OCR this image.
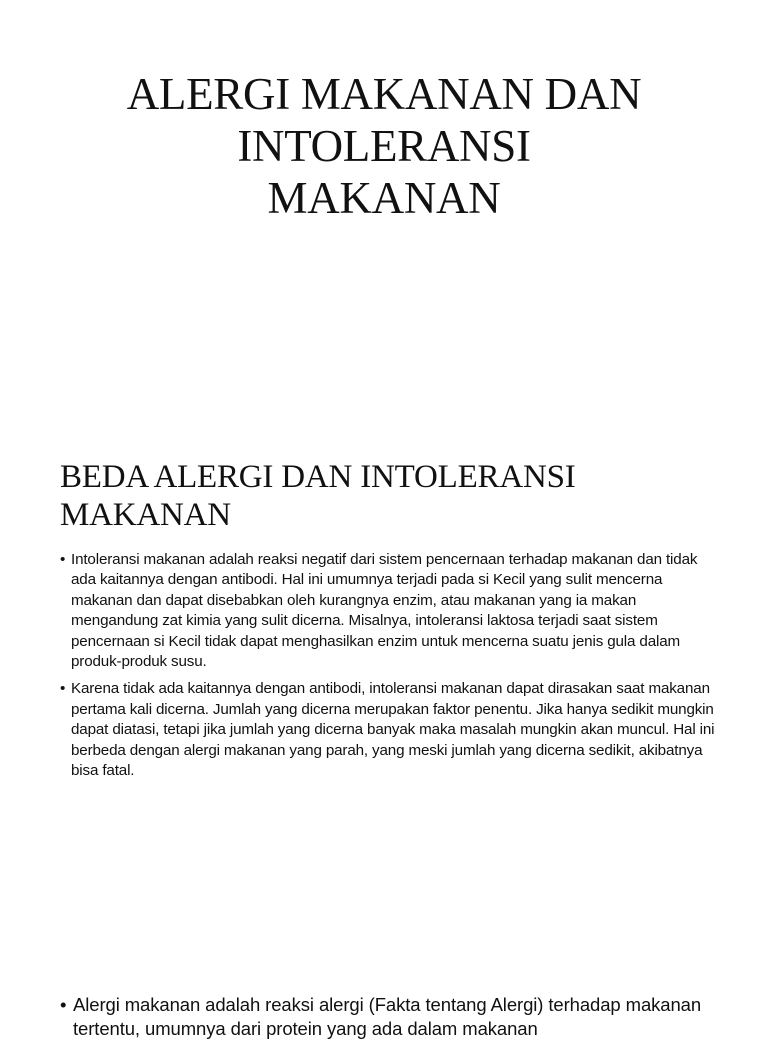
ALERGI MAKANAN DAN
INTOLERANSI
MAKANAN
BEDA ALERGI DAN INTOLERANSI
MAKANAN
• Intoleransi makanan adalah reaksi negatif dari sistem pencernaan terhadap makanan dan tidak ada kaitannya dengan antibodi. Hal ini umumnya terjadi pada si Kecil yang sulit mencerna makanan dan dapat disebabkan oleh kurangnya enzim, atau makanan yang ia makan mengandung zat kimia yang sulit dicerna. Misalnya, intoleransi laktosa terjadi saat sistem pencernaan si Kecil tidak dapat menghasilkan enzim untuk mencerna suatu jenis gula dalam produk-produk susu.
• Karena tidak ada kaitannya dengan antibodi, intoleransi makanan dapat dirasakan saat makanan pertama kali dicerna. Jumlah yang dicerna merupakan faktor penentu. Jika hanya sedikit mungkin dapat diatasi, tetapi jika jumlah yang dicerna banyak maka masalah mungkin akan muncul. Hal ini berbeda dengan alergi makanan yang parah, yang meski jumlah yang dicerna sedikit, akibatnya bisa fatal.
• Alergi makanan adalah reaksi alergi (Fakta tentang Alergi) terhadap makanan tertentu, umumnya dari protein yang ada dalam makanan
